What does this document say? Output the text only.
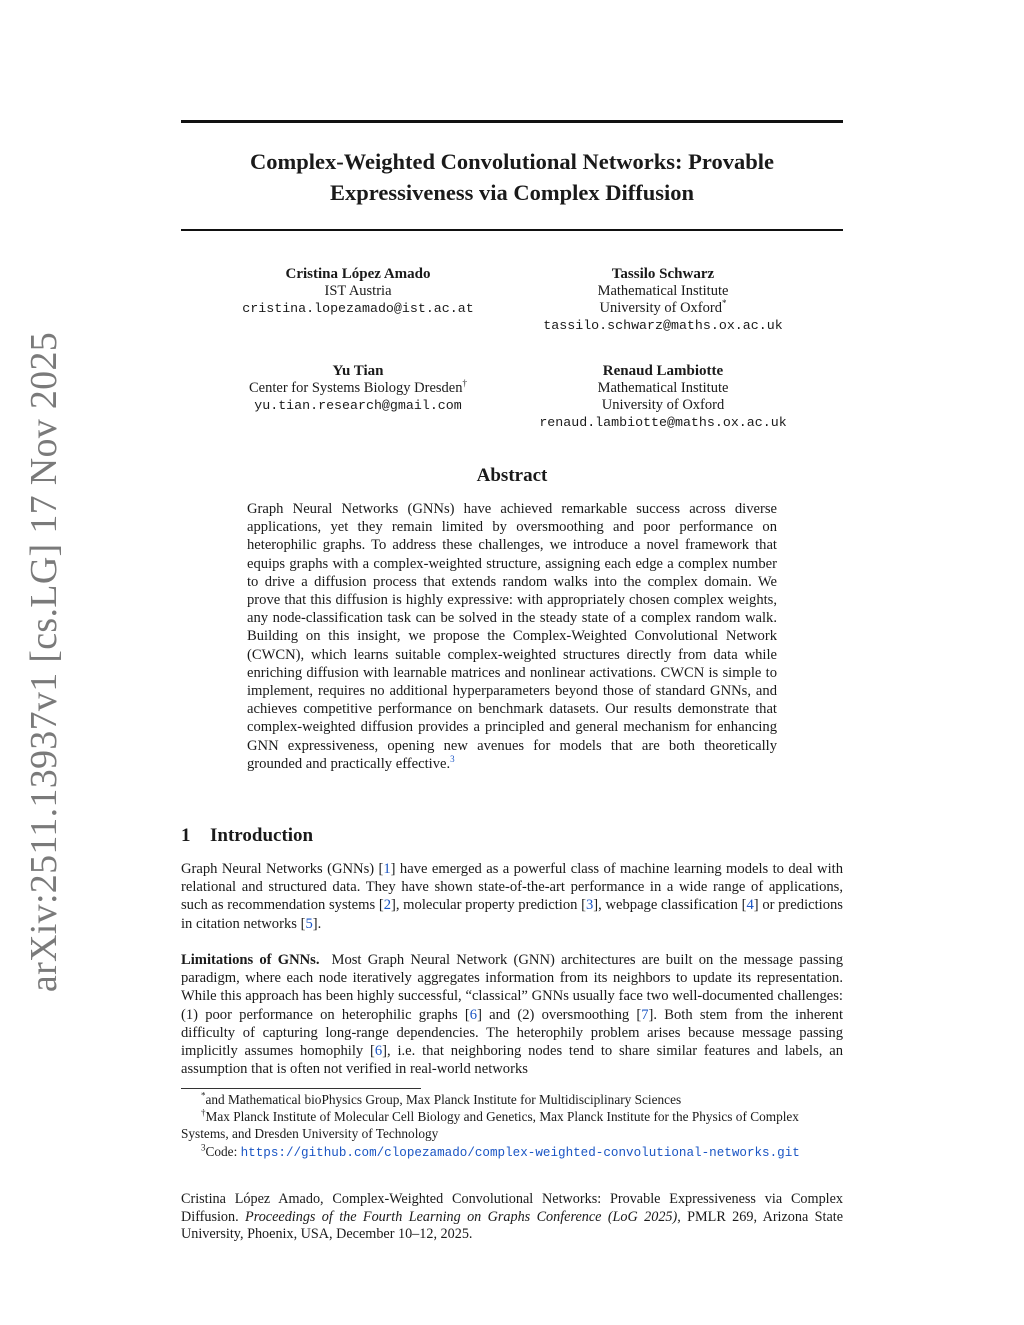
arXiv:2511.13937v1 [cs.LG] 17 Nov 2025
Complex-Weighted Convolutional Networks: Provable
Expressiveness via Complex Diffusion
Cristina López Amado
IST Austria
cristina.lopezamado@ist.ac.at
Tassilo Schwarz
Mathematical Institute
University of Oxford*
tassilo.schwarz@maths.ox.ac.uk
Yu Tian
Center for Systems Biology Dresden†
yu.tian.research@gmail.com
Renaud Lambiotte
Mathematical Institute
University of Oxford
renaud.lambiotte@maths.ox.ac.uk
Abstract
Graph Neural Networks (GNNs) have achieved remarkable success across diverse applications, yet they remain limited by oversmoothing and poor performance on heterophilic graphs. To address these challenges, we introduce a novel framework that equips graphs with a complex-weighted structure, assigning each edge a complex number to drive a diffusion process that extends random walks into the complex domain. We prove that this diffusion is highly expressive: with appropriately chosen complex weights, any node-classification task can be solved in the steady state of a complex random walk. Building on this insight, we propose the Complex-Weighted Convolutional Network (CWCN), which learns suitable complex-weighted structures directly from data while enriching diffusion with learnable matrices and nonlinear activations. CWCN is simple to implement, requires no additional hyperparameters beyond those of standard GNNs, and achieves competitive performance on benchmark datasets. Our results demonstrate that complex-weighted diffusion provides a principled and general mechanism for enhancing GNN expressiveness, opening new avenues for models that are both theoretically grounded and practically effective.$^3$
1 Introduction
Graph Neural Networks (GNNs) [1] have emerged as a powerful class of machine learning models to deal with relational and structured data. They have shown state-of-the-art performance in a wide range of applications, such as recommendation systems [2], molecular property prediction [3], webpage classification [4] or predictions in citation networks [5].
Limitations of GNNs. Most Graph Neural Network (GNN) architectures are built on the message passing paradigm, where each node iteratively aggregates information from its neighbors to update its representation. While this approach has been highly successful, “classical” GNNs usually face two well-documented challenges: (1) poor performance on heterophilic graphs [6] and (2) oversmoothing [7]. Both stem from the inherent difficulty of capturing long-range dependencies. The heterophily problem arises because message passing implicitly assumes homophily [6], i.e. that neighboring nodes tend to share similar features and labels, an assumption that is often not verified in real-world networks
*and Mathematical bioPhysics Group, Max Planck Institute for Multidisciplinary Sciences
†Max Planck Institute of Molecular Cell Biology and Genetics, Max Planck Institute for the Physics of Complex Systems, and Dresden University of Technology
$^3$Code: https://github.com/clopezamado/complex-weighted-convolutional-networks.git
Cristina López Amado, Complex-Weighted Convolutional Networks: Provable Expressiveness via Complex Diffusion. Proceedings of the Fourth Learning on Graphs Conference (LoG 2025), PMLR 269, Arizona State University, Phoenix, USA, December 10–12, 2025.
